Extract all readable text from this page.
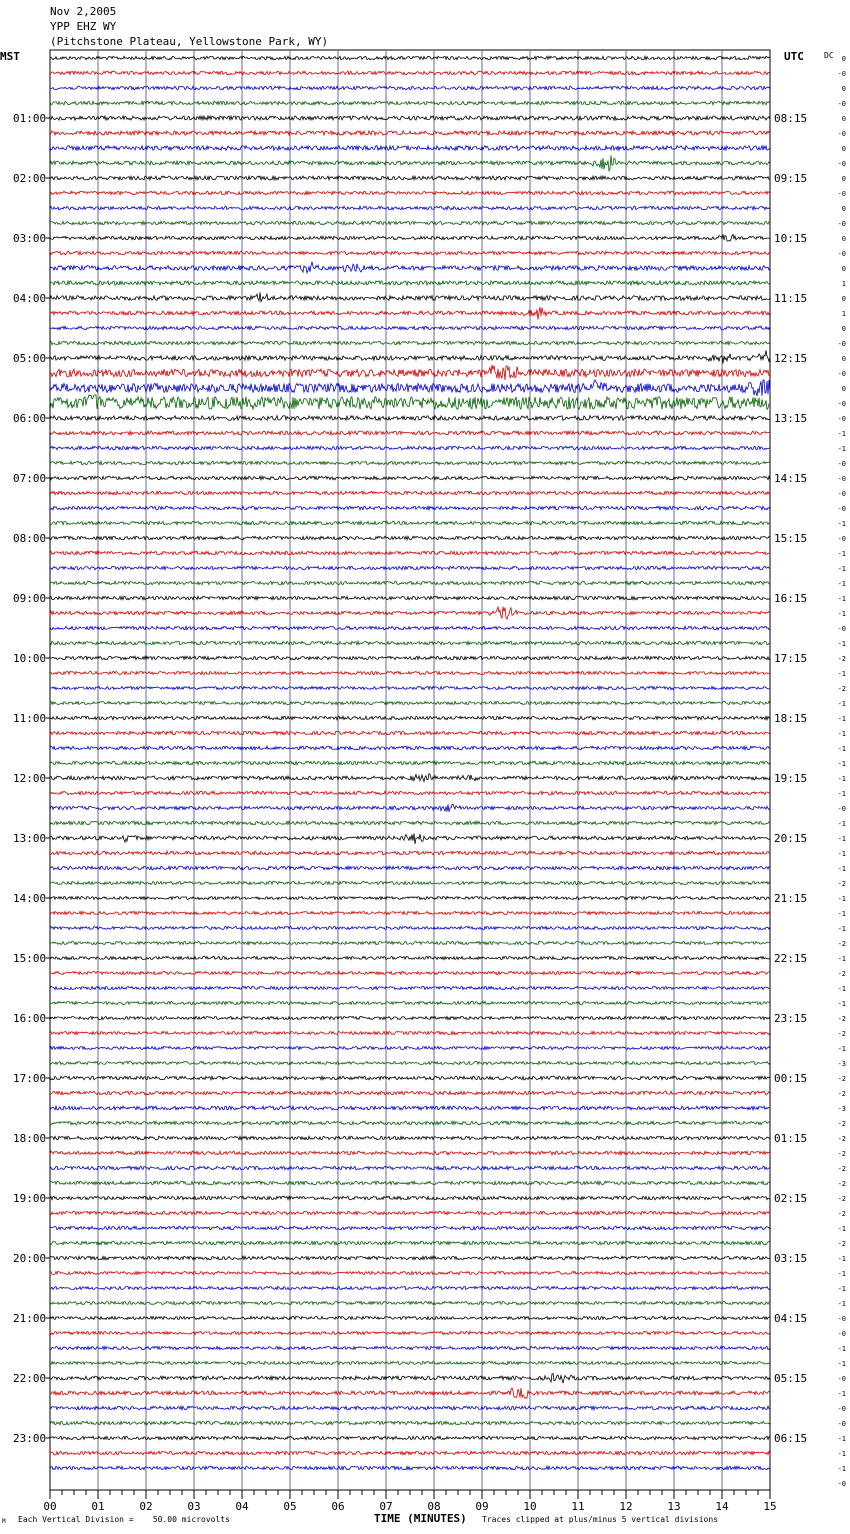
01:00
02:00
03:00
04:00
05:00
06:00
07:00
08:00
09:00
10:00
11:00
12:00
13:00
14:00
15:00
16:00
17:00
18:00
19:00
20:00
21:00
22:00
23:00
08:15
09:15
10:15
11:15
12:15
13:15
14:15
15:15
16:15
17:15
18:15
19:15
20:15
21:15
22:15
23:15
00:15
01:15
02:15
03:15
04:15
05:15
06:15
0
-0
0
-0
0
-0
0
-0
0
-0
0
-0
0
-0
0
1
0
1
0
-0
0
-0
0
-0
-0
-1
-1
-0
-0
-0
-0
-1
-0
-1
-1
-1
-1
-1
-0
-1
-2
-1
-2
-1
-1
-1
-1
-1
-1
-1
-0
-1
-1
-1
-1
-2
-1
-1
-1
-2
-1
-2
-1
-1
-2
-2
-1
-3
-2
-2
-3
-2
-2
-2
-2
-2
-2
-2
-1
-2
-1
-1
-1
-1
-0
-0
-1
-1
-0
-1
-0
-0
-1
-1
-1
-0
00	01	02	03	04	05	06	07	08	09	10	11	12	13	14	15
Nov 2,2005
YPP EHZ WY
(Pitchstone Plateau, Yellowstone Park, WY)
MST	UTC	DC
Each Vertical Division =    50.00 microvolts	TIME (MINUTES) Traces clipped at plus/minus 5 vertical divisions
M
